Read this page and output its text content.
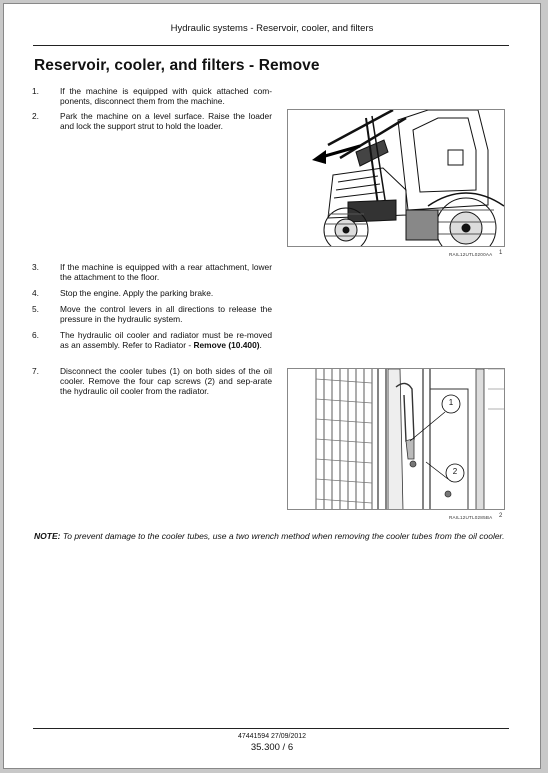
Hydraulic systems - Reservoir, cooler, and filters
Reservoir, cooler, and filters - Remove
1.	If the machine is equipped with quick attached com-ponents, disconnect them from the machine.
2.	Park the machine on a level surface. Raise the loader and lock the support strut to hold the loader.
RAIL12UTL0200AA 1
3.	If the machine is equipped with a rear attachment, lower the attachment to the floor.
4.	Stop the engine. Apply the parking brake.
5.	Move the control levers in all directions to release the pressure in the hydraulic system.
6.	The hydraulic oil cooler and radiator must be re-moved as an assembly. Refer to Radiator - Remove (10.400).
7.	Disconnect the cooler tubes (1) on both sides of the oil cooler. Remove the four cap screws (2) and sep-arate the hydraulic oil cooler from the radiator.
1
2
RAIL12UTL0285BA 2
NOTE: To prevent damage to the cooler tubes, use a two wrench method when removing the cooler tubes from the oil cooler.
47441594 27/09/2012
35.300 / 6
